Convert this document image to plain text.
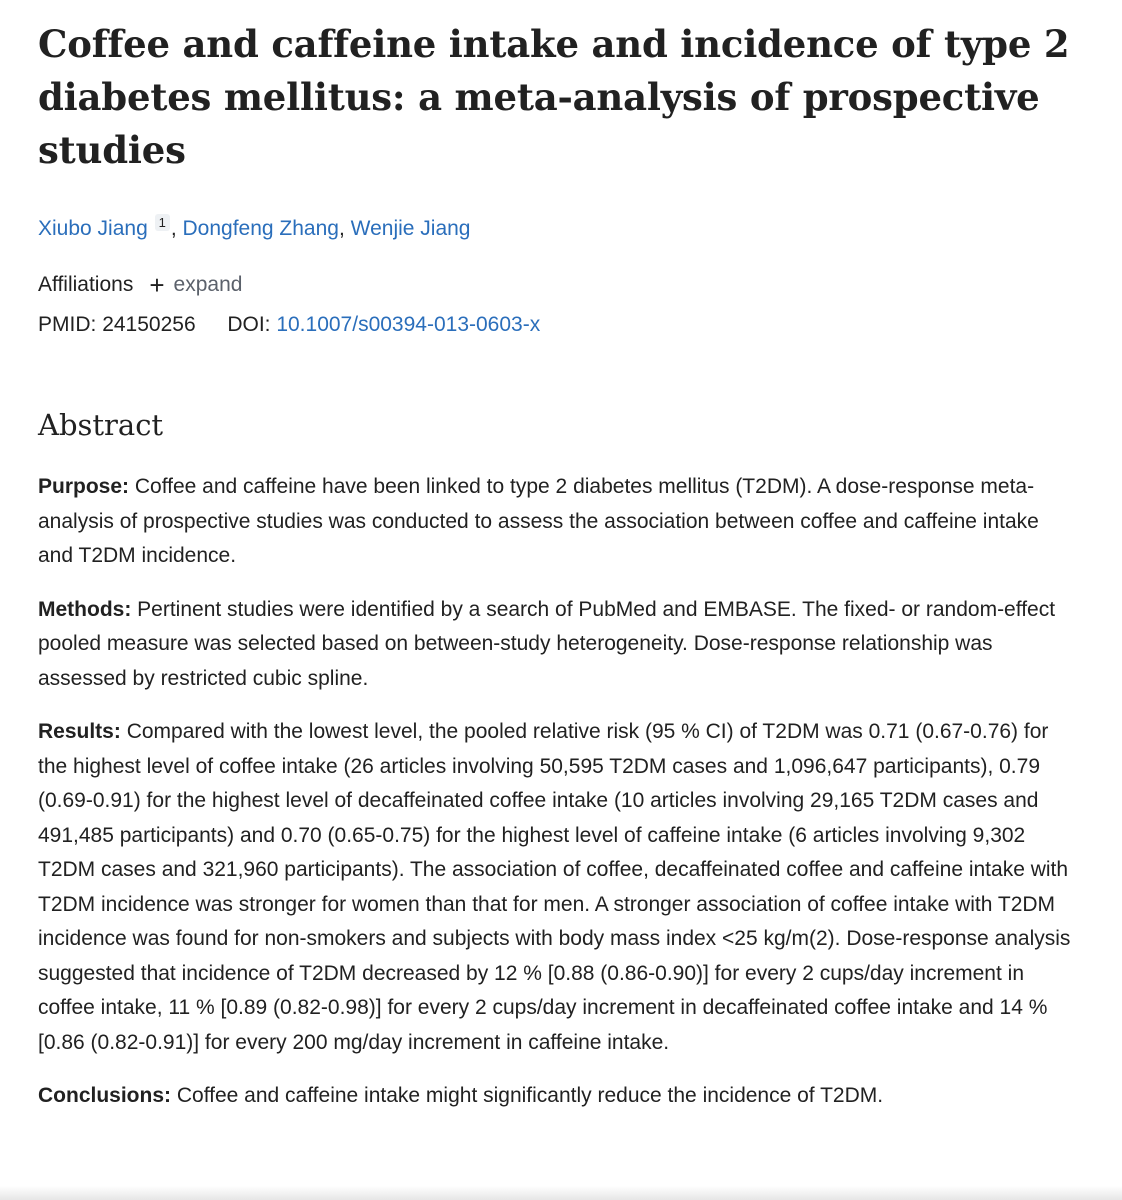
Coffee and caffeine intake and incidence of type 2 diabetes mellitus: a meta-analysis of prospective studies
Xiubo Jiang $^1$ , Dongfeng Zhang, Wenjie Jiang
Affiliations + expand
PMID: 24150256 DOI: 10.1007/s00394-013-0603-x
Abstract

Purpose: Coffee and caffeine have been linked to type 2 diabetes mellitus (T2DM). A dose-response meta-analysis of prospective studies was conducted to assess the association between coffee and caffeine intake and T2DM incidence.

Methods: Pertinent studies were identified by a search of PubMed and EMBASE. The fixed- or random-effect pooled measure was selected based on between-study heterogeneity. Dose-response relationship was assessed by restricted cubic spline.

Results: Compared with the lowest level, the pooled relative risk (95 % CI) of T2DM was 0.71 (0.67-0.76) for the highest level of coffee intake (26 articles involving 50,595 T2DM cases and 1,096,647 participants), 0.79 (0.69-0.91) for the highest level of decaffeinated coffee intake (10 articles involving 29,165 T2DM cases and 491,485 participants) and 0.70 (0.65-0.75) for the highest level of caffeine intake (6 articles involving 9,302 T2DM cases and 321,960 participants). The association of coffee, decaffeinated coffee and caffeine intake with T2DM incidence was stronger for women than that for men. A stronger association of coffee intake with T2DM incidence was found for non-smokers and subjects with body mass index <25 kg/m(2). Dose-response analysis suggested that incidence of T2DM decreased by 12 % [0.88 (0.86-0.90)] for every 2 cups/day increment in coffee intake, 11 % [0.89 (0.82-0.98)] for every 2 cups/day increment in decaffeinated coffee intake and 14 % [0.86 (0.82-0.91)] for every 200 mg/day increment in caffeine intake.

Conclusions: Coffee and caffeine intake might significantly reduce the incidence of T2DM.
